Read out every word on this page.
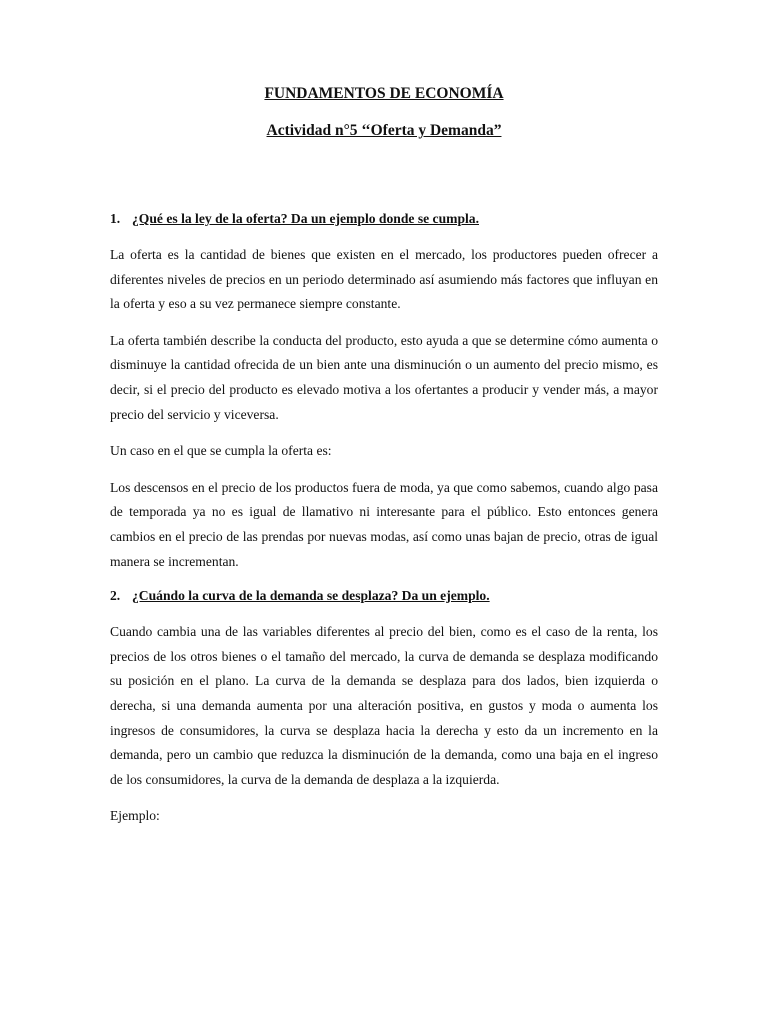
FUNDAMENTOS DE ECONOMÍA
Actividad n°5 ‘‘Oferta y Demanda”
1. ¿Qué es la ley de la oferta? Da un ejemplo donde se cumpla.

La oferta es la cantidad de bienes que existen en el mercado, los productores pueden ofrecer a diferentes niveles de precios en un periodo determinado así asumiendo más factores que influyan en la oferta y eso a su vez permanece siempre constante.

La oferta también describe la conducta del producto, esto ayuda a que se determine cómo aumenta o disminuye la cantidad ofrecida de un bien ante una disminución o un aumento del precio mismo, es decir, si el precio del producto es elevado motiva a los ofertantes a producir y vender más, a mayor precio del servicio y viceversa.

Un caso en el que se cumpla la oferta es:

Los descensos en el precio de los productos fuera de moda, ya que como sabemos, cuando algo pasa de temporada ya no es igual de llamativo ni interesante para el público. Esto entonces genera cambios en el precio de las prendas por nuevas modas, así como unas bajan de precio, otras de igual manera se incrementan.

2. ¿Cuándo la curva de la demanda se desplaza? Da un ejemplo.

Cuando cambia una de las variables diferentes al precio del bien, como es el caso de la renta, los precios de los otros bienes o el tamaño del mercado, la curva de demanda se desplaza modificando su posición en el plano. La curva de la demanda se desplaza para dos lados, bien izquierda o derecha, si una demanda aumenta por una alteración positiva, en gustos y moda o aumenta los ingresos de consumidores, la curva se desplaza hacia la derecha y esto da un incremento en la demanda, pero un cambio que reduzca la disminución de la demanda, como una baja en el ingreso de los consumidores, la curva de la demanda de desplaza a la izquierda.

Ejemplo:
